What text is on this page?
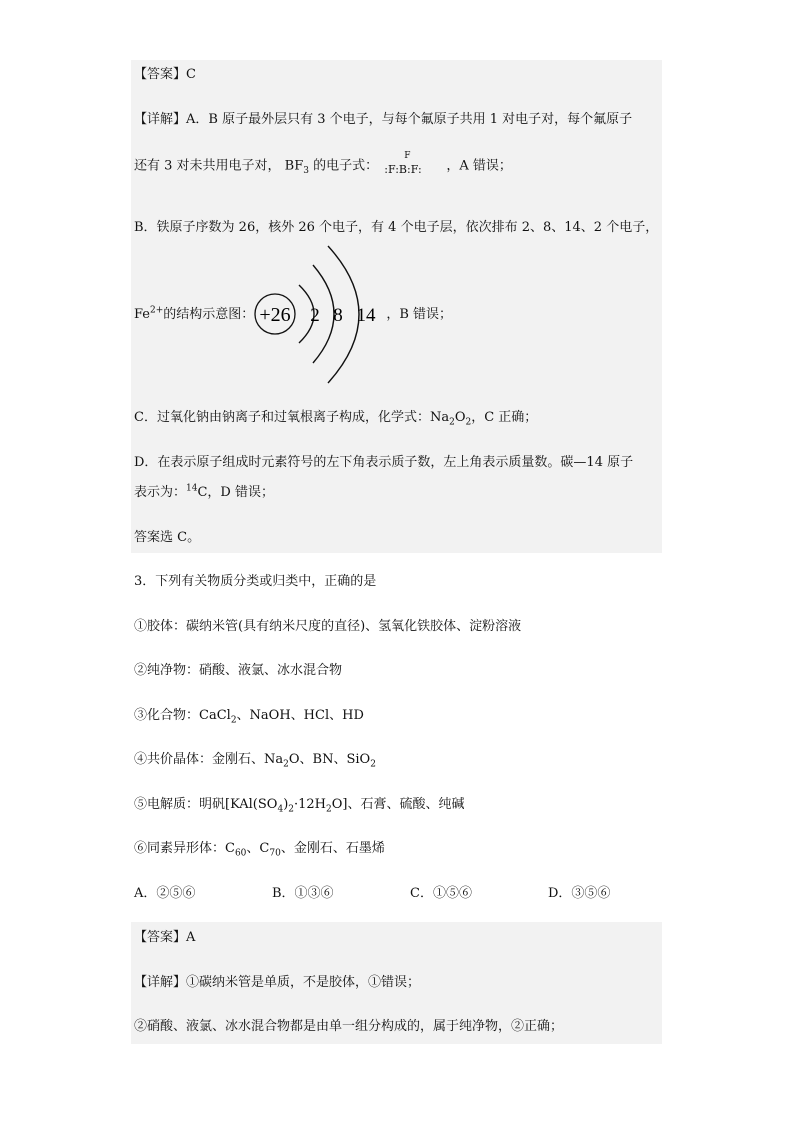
【答案】C
【详解】A．B 原子最外层只有 3 个电子，与每个氟原子共用 1 对电子对，每个氟原子
还有 3 对未共用电子对， $BF_3$ 的电子式：
F
:F:B:F: ，A 错误；
B．铁原子序数为 26，核外 26 个电子，有 4 个电子层，依次排布 2、8、14、2 个电子，
$Fe^{2+}$的结构示意图：	，B 错误；
+26 2 8 14
C．过氧化钠由钠离子和过氧根离子构成，化学式：$Na_2O_2$，C 正确；
D．在表示原子组成时元素符号的左下角表示质子数，左上角表示质量数。碳—14 原子
表示为：$^{14}$C，D 错误；
答案选 C。
3．下列有关物质分类或归类中，正确的是
①胶体：碳纳米管(具有纳米尺度的直径)、氢氧化铁胶体、淀粉溶液
②纯净物：硝酸、液氯、冰水混合物
③化合物：CaCl$_2$、NaOH、HCl、HD
④共价晶体：金刚石、$Na_2O$、BN、SiO$_2$
⑤电解质：明矾$[KAl(SO_4)_2\cdot 12H_2O]$、石膏、硫酸、纯碱
⑥同素异形体：$C_{60}$、$C_{70}$、金刚石、石墨烯
A．②⑤⑥	B．①③⑥	C．①⑤⑥	D．③⑤⑥
【答案】A
【详解】①碳纳米管是单质，不是胶体，①错误；
②硝酸、液氯、冰水混合物都是由单一组分构成的，属于纯净物，②正确；
